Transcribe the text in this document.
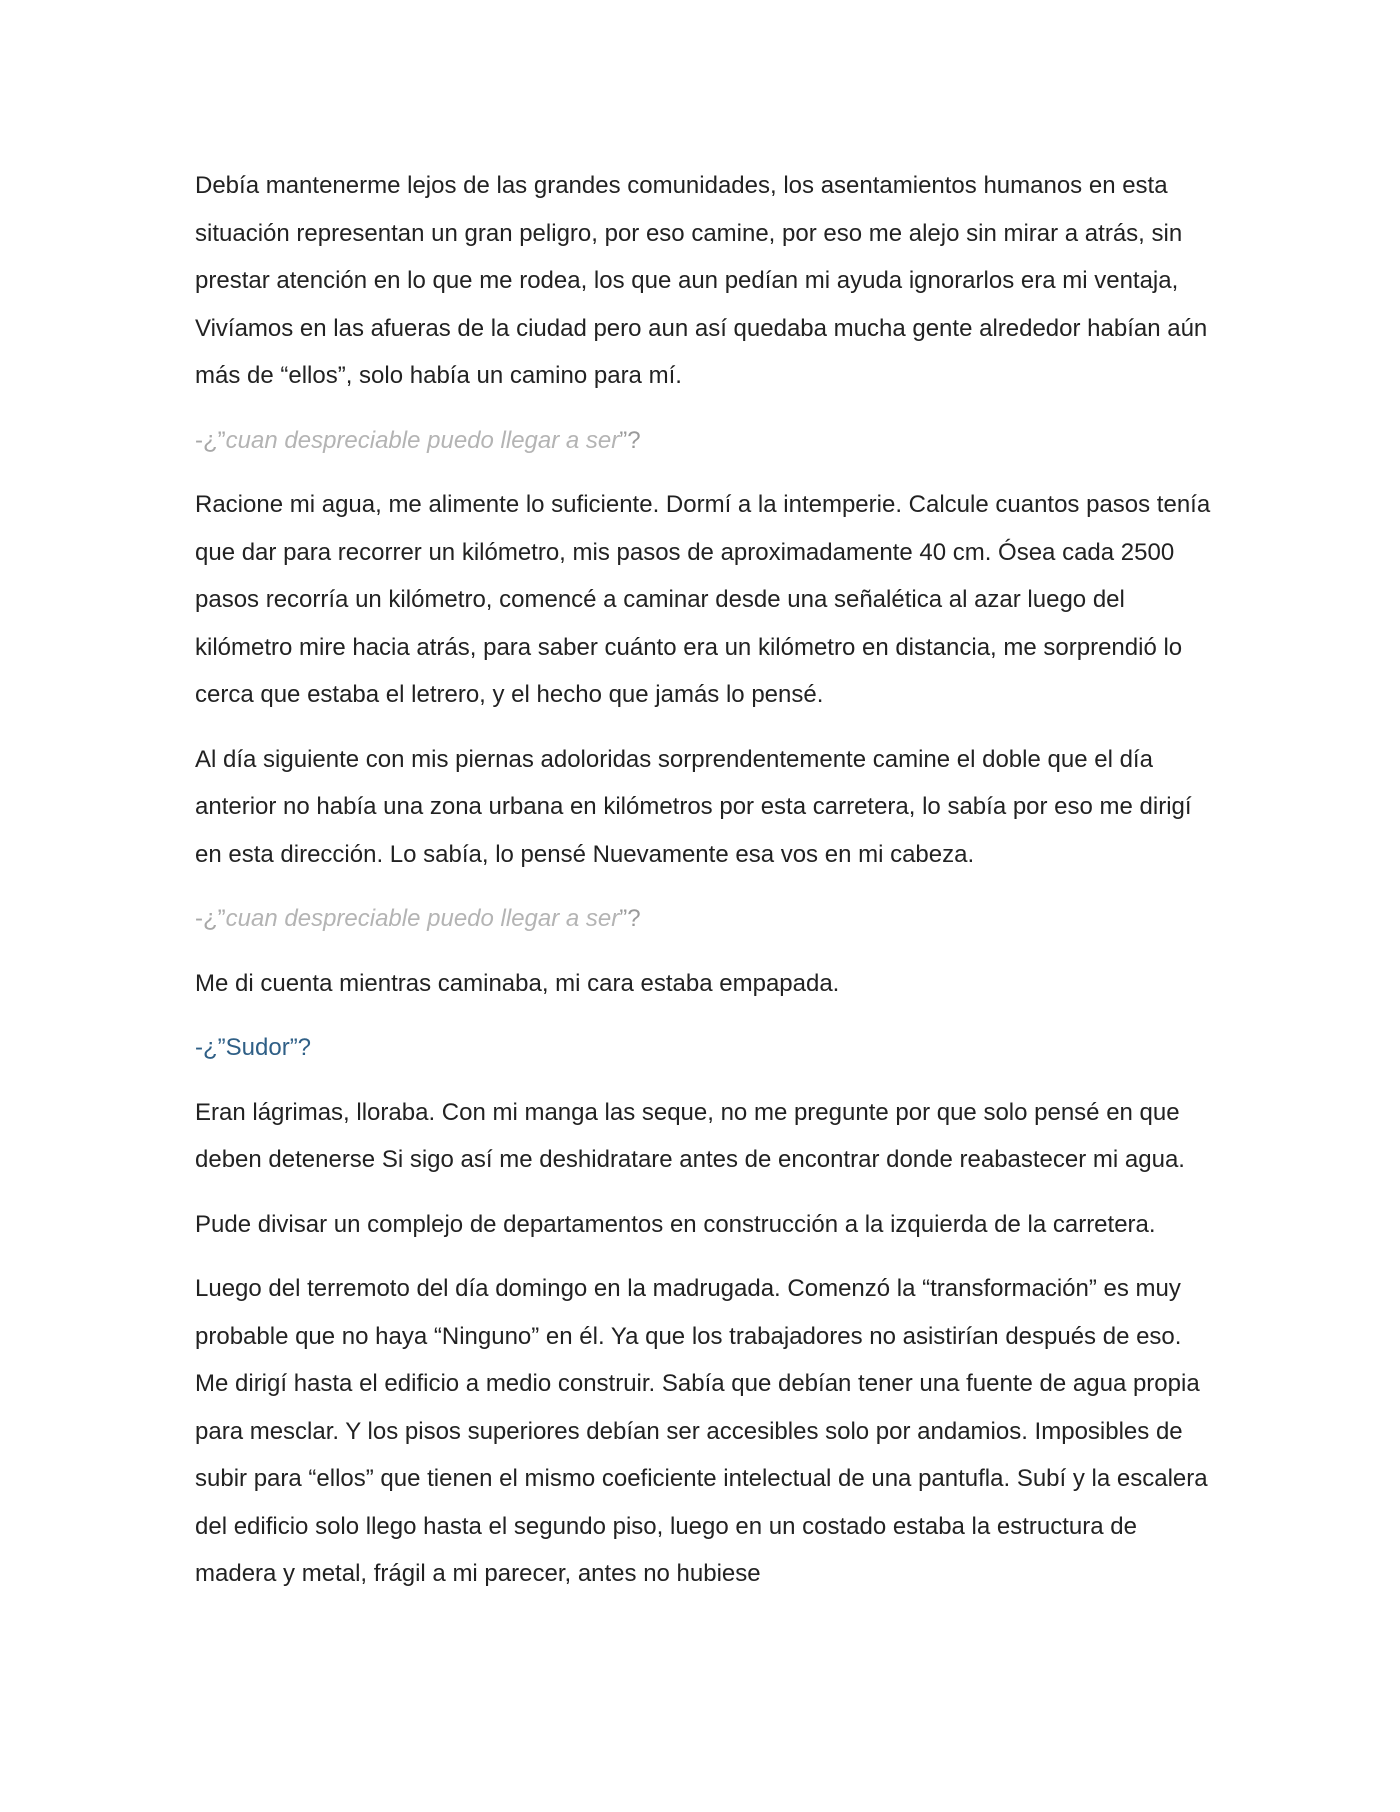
Debía mantenerme lejos de las grandes comunidades, los asentamientos humanos en esta situación representan un gran peligro, por eso camine, por eso me alejo sin mirar a atrás, sin prestar atención en lo que me rodea, los que aun pedían mi ayuda ignorarlos era mi ventaja, Vivíamos en las afueras de la ciudad pero aun así quedaba mucha gente alrededor habían aún más de “ellos”, solo había un camino para mí.

-¿”cuan despreciable puedo llegar a ser”?

Racione mi agua, me alimente lo suficiente. Dormí a la intemperie. Calcule cuantos pasos tenía que dar para recorrer un kilómetro, mis pasos de aproximadamente 40 cm. Ósea cada 2500 pasos recorría un kilómetro, comencé a caminar desde una señalética al azar luego del kilómetro mire hacia atrás, para saber cuánto era un kilómetro en distancia, me sorprendió lo cerca que estaba el letrero, y el hecho que jamás lo pensé.

Al día siguiente con mis piernas adoloridas sorprendentemente camine el doble que el día anterior no había una zona urbana en kilómetros por esta carretera, lo sabía por eso me dirigí en esta dirección. Lo sabía, lo pensé Nuevamente esa vos en mi cabeza.

-¿”cuan despreciable puedo llegar a ser”?

Me di cuenta mientras caminaba, mi cara estaba empapada.

-¿”Sudor”?

Eran lágrimas, lloraba. Con mi manga las seque, no me pregunte por que solo pensé en que deben detenerse Si sigo así me deshidratare antes de encontrar donde reabastecer mi agua.

Pude divisar un complejo de departamentos en construcción a la izquierda de la carretera.

Luego del terremoto del día domingo en la madrugada. Comenzó la “transformación” es muy probable que no haya “Ninguno” en él. Ya que los trabajadores no asistirían después de eso. Me dirigí hasta el edificio a medio construir. Sabía que debían tener una fuente de agua propia para mesclar. Y los pisos superiores debían ser accesibles solo por andamios. Imposibles de subir para “ellos” que tienen el mismo coeficiente intelectual de una pantufla. Subí y la escalera del edificio solo llego hasta el segundo piso, luego en un costado estaba la estructura de madera y metal, frágil a mi parecer, antes no hubiese
